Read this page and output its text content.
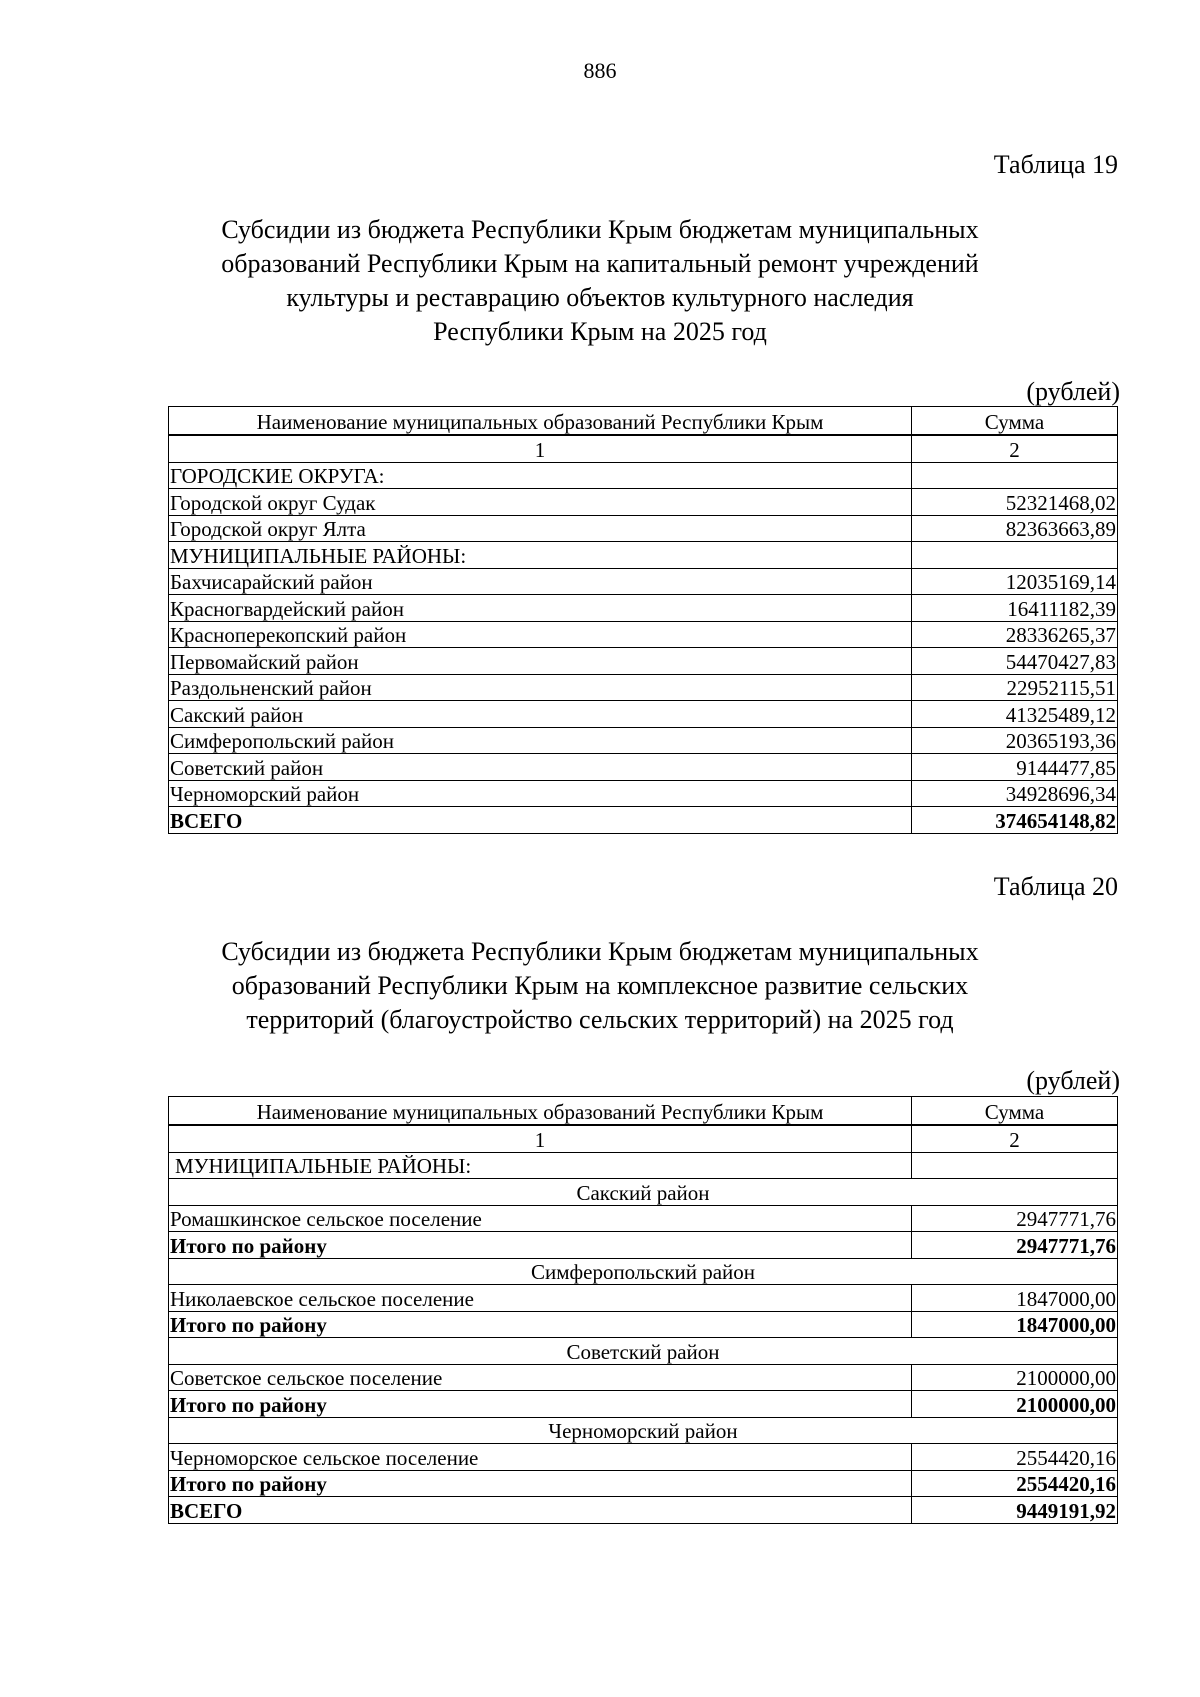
886
Таблица 19
Субсидии из бюджета Республики Крым бюджетам муниципальных
образований Республики Крым на капитальный ремонт учреждений
культуры и реставрацию объектов культурного наследия
Республики Крым на 2025 год
(рублей)
Наименование муниципальных образований Республики Крым	Сумма
1	2
ГОРОДСКИЕ ОКРУГА:	
Городской округ Судак	52321468,02
Городской округ Ялта	82363663,89
МУНИЦИПАЛЬНЫЕ РАЙОНЫ:	
Бахчисарайский район	12035169,14
Красногвардейский район	16411182,39
Красноперекопский район	28336265,37
Первомайский район	54470427,83
Раздольненский район	22952115,51
Сакский район	41325489,12
Симферопольский район	20365193,36
Советский район	9144477,85
Черноморский район	34928696,34
ВСЕГО	374654148,82
Таблица 20
Субсидии из бюджета Республики Крым бюджетам муниципальных
образований Республики Крым на комплексное развитие сельских
территорий (благоустройство сельских территорий) на 2025 год
(рублей)
Наименование муниципальных образований Республики Крым	Сумма
1	2
МУНИЦИПАЛЬНЫЕ РАЙОНЫ:	
Сакский район	
Ромашкинское сельское поселение	2947771,76
Итого по району	2947771,76
Симферопольский район	
Николаевское сельское поселение	1847000,00
Итого по району	1847000,00
Советский район	
Советское сельское поселение	2100000,00
Итого по району	2100000,00
Черноморский район	
Черноморское сельское поселение	2554420,16
Итого по району	2554420,16
ВСЕГО	9449191,92
